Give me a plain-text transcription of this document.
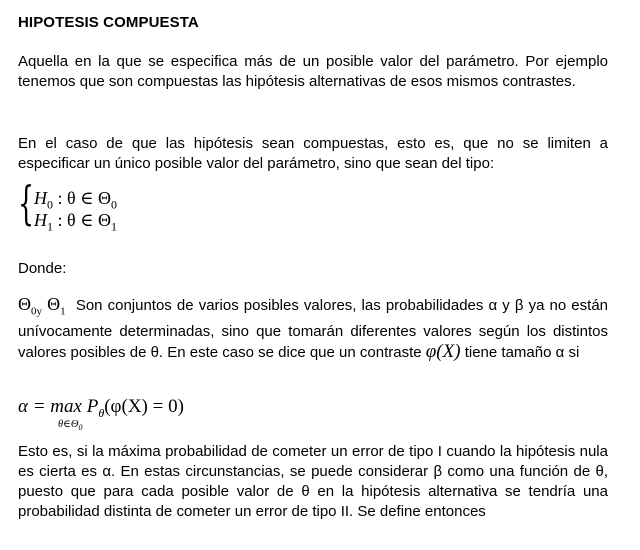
HIPOTESIS COMPUESTA

Aquella en la que se especifica más de un posible valor del parámetro. Por ejemplo tenemos que son compuestas las hipótesis alternativas de esos mismos contrastes.

En el caso de que las hipótesis sean compuestas, esto es, que no se limiten a especificar un único posible valor del parámetro, sino que sean del tipo:

{ $H_0$ : θ ∈ $\Theta_0$
$H_1$ : θ ∈ $\Theta_1$

Donde:

$\Theta_{0y}$ $\Theta_1$ Son conjuntos de varios posibles valores, las probabilidades α y β ya no están unívocamente determinadas, sino que tomarán diferentes valores según los distintos valores posibles de θ. En este caso se dice que un contraste φ(X) tiene tamaño α si

$\alpha = \max P_\theta(\varphi(X) = 0)$
$\theta\in\Theta_0$

Esto es, si la máxima probabilidad de cometer un error de tipo I cuando la hipótesis nula es cierta es α. En estas circunstancias, se puede considerar β como una función de θ, puesto que para cada posible valor de θ en la hipótesis alternativa se tendría una probabilidad distinta de cometer un error de tipo II. Se define entonces
